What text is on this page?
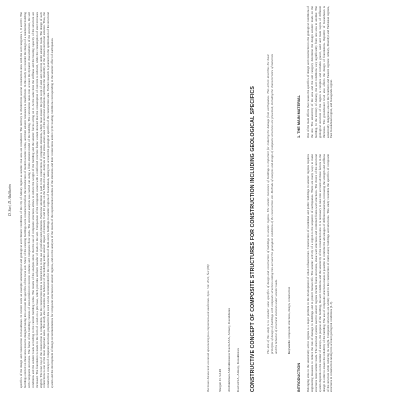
D. Sari, D. Abdikarim specifics of the design and construction in Kazakhstan. In current work an example seismological and geological and climatic conditions of the city of Almaty region as seismic risk area are considered. The territory is divided into several construction sites with the soil categories I, II and III. The buildings erected on these sites must be designed taking into account the specifics of the local soil. Many of the existing buildings were constructed before the introduction of modern seismic codes, and their seismic resistance is insufficient. In this study we consider the design of a residential building with composite structures. The frame of the building consists of steel-reinforced concrete columns and composite floor slabs. The structural analysis was carried out using a finite element model of the building. The calculation takes into account the dynamic characteristics of the structure, the soil conditions and the seismic loads according to the current building codes. The results of the analysis show that the use of composite structures allows to reduce the weight of the building and the seismic forces acting on it. At the same time the stiffness and the bearing capacity of the structure are increased. The foundation is made in the form of a slab on a pile base, which provides uniform transfer of loads to the soil. Comparison of the composite variant with a reinforced concrete frame variant showed that the consumption of concrete is reduced, while the consumption of steel increases slightly. The total cost of the construction is comparable, but the construction time is reduced due to the use of prefabricated elements. Particular attention is paid to the connections of composite elements, which must ensure the joint work of steel and concrete under seismic loads. The design of such connections is one of the most important tasks. The study also considers the behavior of the building under seismic impact of intensity 9 and 10 points on the MSK-64 scale. Analysis of the stress-strain state of the structural elements confirmed the reliability of the chosen structural solution. Thus, the constructive concept of composite structures proposed in this work can be recommended for the construction of multi-storey buildings in seismic regions of Kazakhstan, taking into account the geological specifics of the construction sites. Further research is planned on the optimization of the structural system and the development of design recommendations for composite structures in seismic regions, and on the analysis of the results of the experimental studies of the elements and their connections under cyclic loading conditions corresponding to the seismic effect of earthquakes.	Вестник Казахской головной архитектурно-строительной академии. Spec. Vol. 2022, №4 (88) Nurgali D. SARI Abdrakhman Abdrakhmanov KazGASA, Almaty, Kazakhstan KazGASA, Almaty, Kazakhstan CONSTRUCTIVE CONCEPT OF COMPOSITE STRUCTURES FOR CONSTRUCTION INCLUDING GEOLOGICAL SPECIFICS	The aim of this study is to consider some specifics of design and construction of buildings in seismic regions. The seismic resistance of buildings is important for reducing the damage from earthquakes. This article describes the basic principles of design of buildings with composite structures taking into account the geological conditions of the construction site. Methods of analysis and design of composite structures are presented, including the characteristics of materials and the behavior of structural elements under seismic loads.	Keywords: composite structures, design, construction
INTRODUCTION
1. THE MAIN MATERIAL
Belonging sites to the seismically active regions is a major problem in the development of urban infrastructure. Construction of residential and public buildings in seismic regions requires engineering measures to reduce the risk of damage to buildings and to protect human life. The seismic activity of a region is the sequence of earthquakes. There are many ways to make structures resist seismic loads. The structural systems used in seismic regions include frame structures, shear-wall structures and combined frame-wall structures. The choice of the structural system depends on the number of storeys, the purpose of the building, the soil conditions and the seismicity of the construction site. It is necessary to take into account all these factors in the design in order to ensure the reliability of the building. The use of composite structures makes it possible to combine the advantages of different materials, increasing the strength and stiffness of the structure while reducing its weight. Composite structures are widely used in the construction of multi-storey buildings and structures. This study considers the specifics of composite structures in construction taking into account geological conditions [1-3].
One of the main effects that causes the specifics of design and construction is the geological conditions of the site. The seismicity of the area and the soil category determine the design seismic loads on the building. In the territory of Almaty, the soil conditions vary significantly from one area to another. The geological structure of the region is complex and includes gravel, sand and loam layers of different thickness. The groundwater level also affects the design of foundations. Republic of Kazakhstan is seismically dangerous area in the Southern and Eastern regions: Almaty, Zhambyl and Turkestan regions, East Kazakhstan region, and Karaganda region.
